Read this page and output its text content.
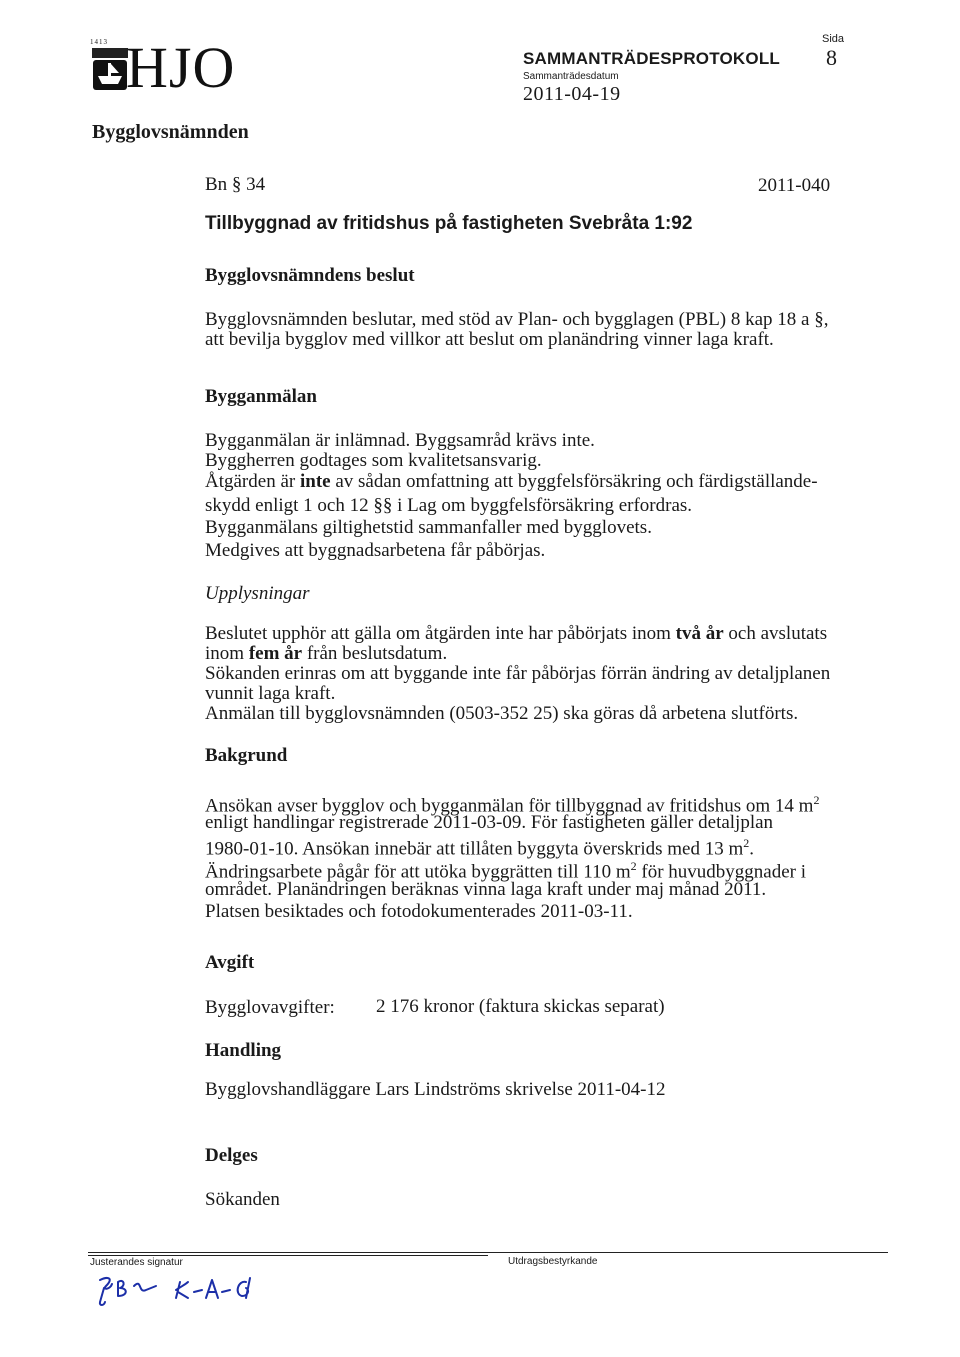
1413 HJO	SAMMANTRÄDESPROTOKOLL
Sammanträdesdatum
2011-04-19
Sida
8
Bygglovsnämnden
Bn § 34	2011-040
Tillbyggnad av fritidshus på fastigheten Svebråta 1:92
Bygglovsnämndens beslut
Bygglovsnämnden beslutar, med stöd av Plan- och bygglagen (PBL) 8 kap 18 a §,
att bevilja bygglov med villkor att beslut om planändring vinner laga kraft.
Bygganmälan
Bygganmälan är inlämnad. Byggsamråd krävs inte.
Byggherren godtages som kvalitetsansvarig.
Åtgärden är inte av sådan omfattning att byggfelsförsäkring och färdigställande-
skydd enligt 1 och 12 §§ i Lag om byggfelsförsäkring erfordras.
Bygganmälans giltighetstid sammanfaller med bygglovets.
Medgives att byggnadsarbetena får påbörjas.
Upplysningar
Beslutet upphör att gälla om åtgärden inte har påbörjats inom två år och avslutats
inom fem år från beslutsdatum.
Sökanden erinras om att byggande inte får påbörjas förrän ändring av detaljplanen
vunnit laga kraft.
Anmälan till bygglovsnämnden (0503-352 25) ska göras då arbetena slutförts.
Bakgrund
Ansökan avser bygglov och bygganmälan för tillbyggnad av fritidshus om 14 $m^2$
enligt handlingar registrerade 2011-03-09. För fastigheten gäller detaljplan
1980-01-10. Ansökan innebär att tillåten byggyta överskrids med 13 $m^2$.
Ändringsarbete pågår för att utöka byggrätten till 110 $m^2$ för huvudbyggnader i
området. Planändringen beräknas vinna laga kraft under maj månad 2011.
Platsen besiktades och fotodokumenterades 2011-03-11.
Avgift
Bygglovavgifter: 2 176 kronor (faktura skickas separat)
Handling
Bygglovshandläggare Lars Lindströms skrivelse 2011-04-12
Delges
Sökanden
Justerandes signatur	Utdragsbestyrkande
